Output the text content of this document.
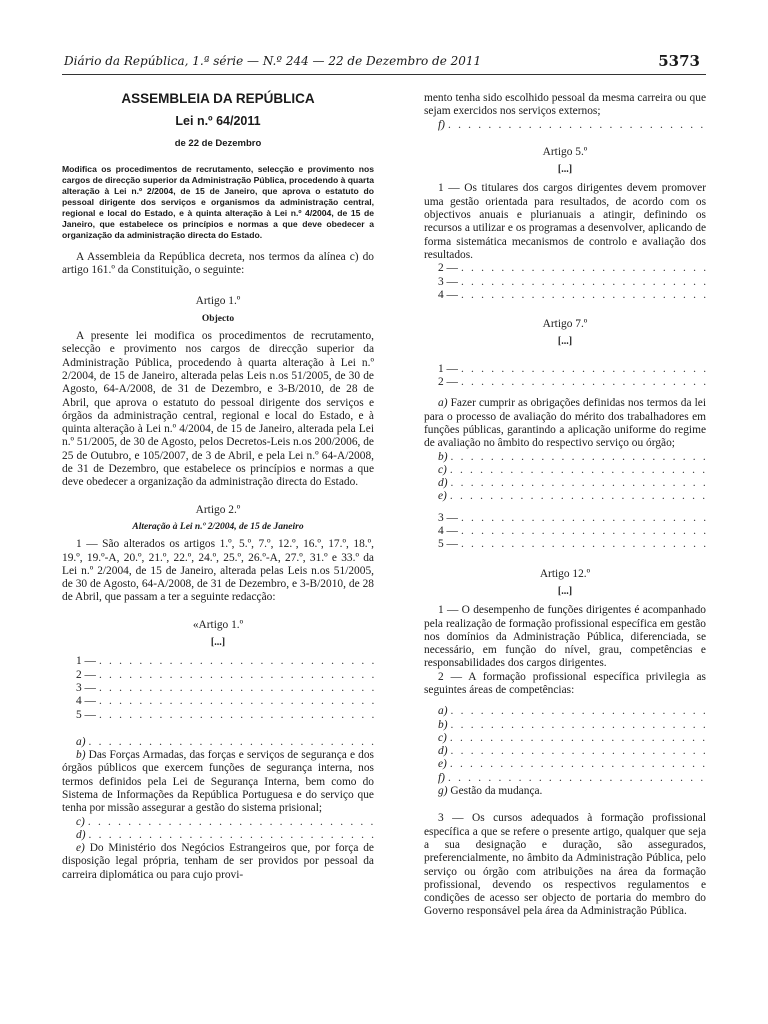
Diário da República, 1.ª série — N.º 244 — 22 de Dezembro de 2011	5373

ASSEMBLEIA DA REPÚBLICA

Lei n.º 64/2011

de 22 de Dezembro

Modifica os procedimentos de recrutamento, selecção e provimento nos cargos de direcção superior da Administração Pública, procedendo à quarta alteração à Lei n.º 2/2004, de 15 de Janeiro, que aprova o estatuto do pessoal dirigente dos serviços e organismos da administração central, regional e local do Estado, e à quinta alteração à Lei n.º 4/2004, de 15 de Janeiro, que estabelece os princípios e normas a que deve obedecer a organização da administração directa do Estado.

A Assembleia da República decreta, nos termos da alínea c) do artigo 161.º da Constituição, o seguinte:

Artigo 1.º

Objecto

A presente lei modifica os procedimentos de recrutamento, selecção e provimento nos cargos de direcção superior da Administração Pública, procedendo à quarta alteração à Lei n.º 2/2004, de 15 de Janeiro, alterada pelas Leis n.os 51/2005, de 30 de Agosto, 64-A/2008, de 31 de Dezembro, e 3-B/2010, de 28 de Abril, que aprova o estatuto do pessoal dirigente dos serviços e órgãos da administração central, regional e local do Estado, e à quinta alteração à Lei n.º 4/2004, de 15 de Janeiro, alterada pela Lei n.º 51/2005, de 30 de Agosto, pelos Decretos-Leis n.os 200/2006, de 25 de Outubro, e 105/2007, de 3 de Abril, e pela Lei n.º 64-A/2008, de 31 de Dezembro, que estabelece os princípios e normas a que deve obedecer a organização da administração directa do Estado.

Artigo 2.º

Alteração à Lei n.º 2/2004, de 15 de Janeiro

1 — São alterados os artigos 1.º, 5.º, 7.º, 12.º, 16.º, 17.º, 18.º, 19.º, 19.º-A, 20.º, 21.º, 22.º, 24.º, 25.º, 26.º-A, 27.º, 31.º e 33.º da Lei n.º 2/2004, de 15 de Janeiro, alterada pelas Leis n.os 51/2005, de 30 de Agosto, 64-A/2008, de 31 de Dezembro, e 3-B/2010, de 28 de Abril, que passam a ter a seguinte redacção:

«Artigo 1.º

[...]

1 —
. . .
2 —
. . .
3 —
. . .
4 —
. . .
5 —
. . .
a)
. . .

b) Das Forças Armadas, das forças e serviços de segurança e dos órgãos públicos que exercem funções de segurança interna, nos termos definidos pela Lei de Segurança Interna, bem como do Sistema de Informações da República Portuguesa e do serviço que tenha por missão assegurar a gestão do sistema prisional;

c)
. . .
d)
. . .

e) Do Ministério dos Negócios Estrangeiros que, por força de disposição legal própria, tenham de ser providos por pessoal da carreira diplomática ou para cujo provi-

mento tenha sido escolhido pessoal da mesma carreira ou que sejam exercidos nos serviços externos;

f)
. . .

Artigo 5.º

[...]

1 — Os titulares dos cargos dirigentes devem promover uma gestão orientada para resultados, de acordo com os objectivos anuais e plurianuais a atingir, definindo os recursos a utilizar e os programas a desenvolver, aplicando de forma sistemática mecanismos de controlo e avaliação dos resultados.

2 —
. . .
3 —
. . .
4 —
. . .

Artigo 7.º

[...]

1 —
. . .
2 —
. . .

a) Fazer cumprir as obrigações definidas nos termos da lei para o processo de avaliação do mérito dos trabalhadores em funções públicas, garantindo a aplicação uniforme do regime de avaliação no âmbito do respectivo serviço ou órgão;

b)
. . .
c)
. . .
d)
. . .
e)
. . .
3 —
. . .
4 —
. . .
5 —
. . .

Artigo 12.º

[...]

1 — O desempenho de funções dirigentes é acompanhado pela realização de formação profissional específica em gestão nos domínios da Administração Pública, diferenciada, se necessário, em função do nível, grau, competências e responsabilidades dos cargos dirigentes.

2 — A formação profissional específica privilegia as seguintes áreas de competências:

a)
. . .
b)
. . .
c)
. . .
d)
. . .
e)
. . .
f)
. . .

g) Gestão da mudança.

3 — Os cursos adequados à formação profissional específica a que se refere o presente artigo, qualquer que seja a sua designação e duração, são assegurados, preferencialmente, no âmbito da Administração Pública, pelo serviço ou órgão com atribuições na área da formação profissional, devendo os respectivos regulamentos e condições de acesso ser objecto de portaria do membro do Governo responsável pela área da Administração Pública.
